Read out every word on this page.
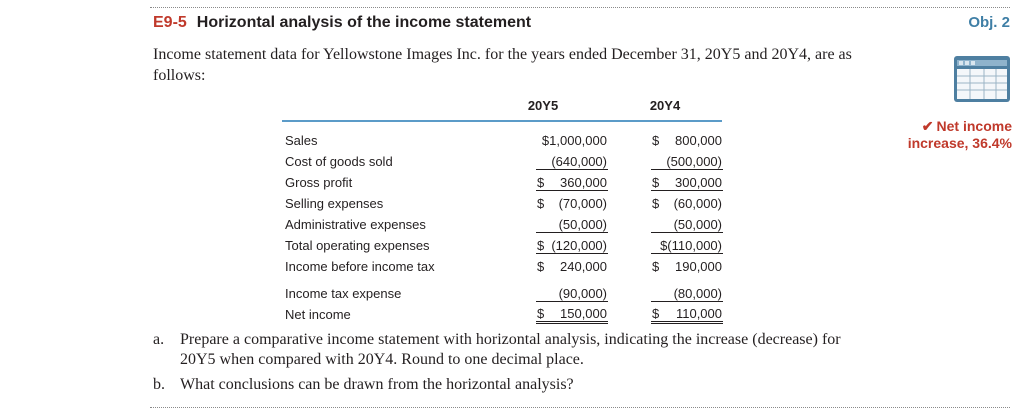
E9-5 Horizontal analysis of the income statement	Obj. 2

Income statement data for Yellowstone Images Inc. for the years ended December 31, 20Y5 and 20Y4, are as follows:

✔ Net income increase, 36.4%
20Y5	20Y4
Sales	$1,000,000	$ 800,000

Cost of goods sold	(640,000)	(500,000)

Gross profit	$ 360,000	$ 300,000

Selling expenses	$ (70,000)	$ (60,000)

Administrative expenses	(50,000)	(50,000)

Total operating expenses	$ (120,000)	$(110,000)

Income before income tax	$ 240,000	$ 190,000

Income tax expense	(90,000)	(80,000)

Net income	$ 150,000	$ 110,000
a. Prepare a comparative income statement with horizontal analysis, indicating the increase (decrease) for 20Y5 when compared with 20Y4. Round to one decimal place.
b. What conclusions can be drawn from the horizontal analysis?
